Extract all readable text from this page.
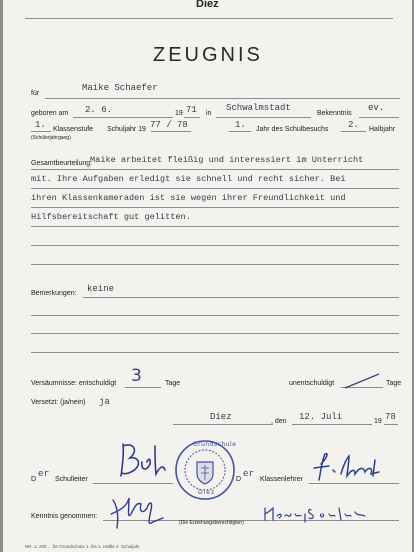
Diez
ZEUGNIS
für
Maike Schaefer
geboren am 2. 6.	19 71 in
Schwalmstadt
Bekenntnis
ev.
1. Klassenstufe
(Schülerjahrgang)
Schuljahr 19 77 / 78	1. Jahr des Schulbesuchs 2. Halbjahr
Gesamtbeurteilung:
Maike arbeitet fleißig und interessiert im Unterricht
mit. Ihre Aufgaben erledigt sie schnell und recht sicher. Bei
ihren Klassenkameraden ist sie wegen ihrer Freundlichkeit und
Hilfsbereitschaft gut gelitten.
Bemerkungen: keine
Versäumnisse: entschuldigt 3	Tage	unentschuldigt	Tage
Versetzt: (ja/nein) ja
Diez	, den 12. Juli	19 78
D
er
Schulleiter
Grundschule
Diez
D
er
Klassenlehrer
Kenntnis genommen:
(Die Erziehungsberechtigten)
NR. 1. 200 ... für Grundschule 1. bis 1. Hälfte 2. Schuljahr
